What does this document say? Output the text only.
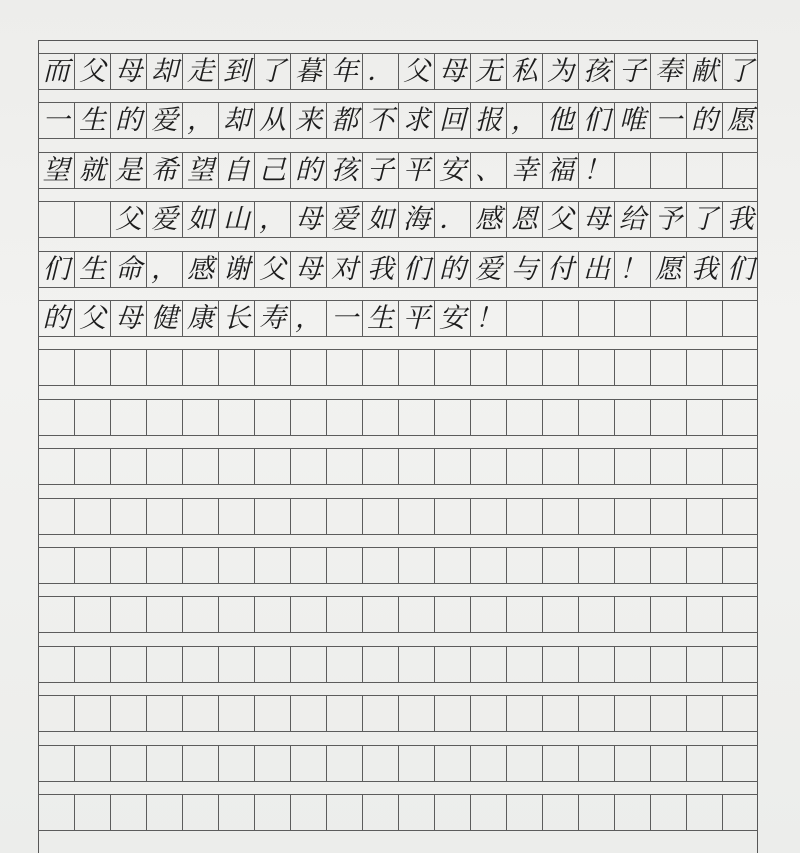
而 父 母 却 走 到 了 暮 年 ． 父 母 无 私 为 孩 子 奉 献 了
一 生 的 爱 ， 却 从 来 都 不 求 回 报 ， 他 们 唯 一 的 愿
望 就 是 希 望 自 己 的 孩 子 平 安 、 幸 福 ！
父 爱 如 山 ， 母 爱 如 海 ． 感 恩 父 母 给 予 了 我
们 生 命 ， 感 谢 父 母 对 我 们 的 爱 与 付 出 ！ 愿 我 们
的 父 母 健 康 长 寿 ， 一 生 平 安 ！
